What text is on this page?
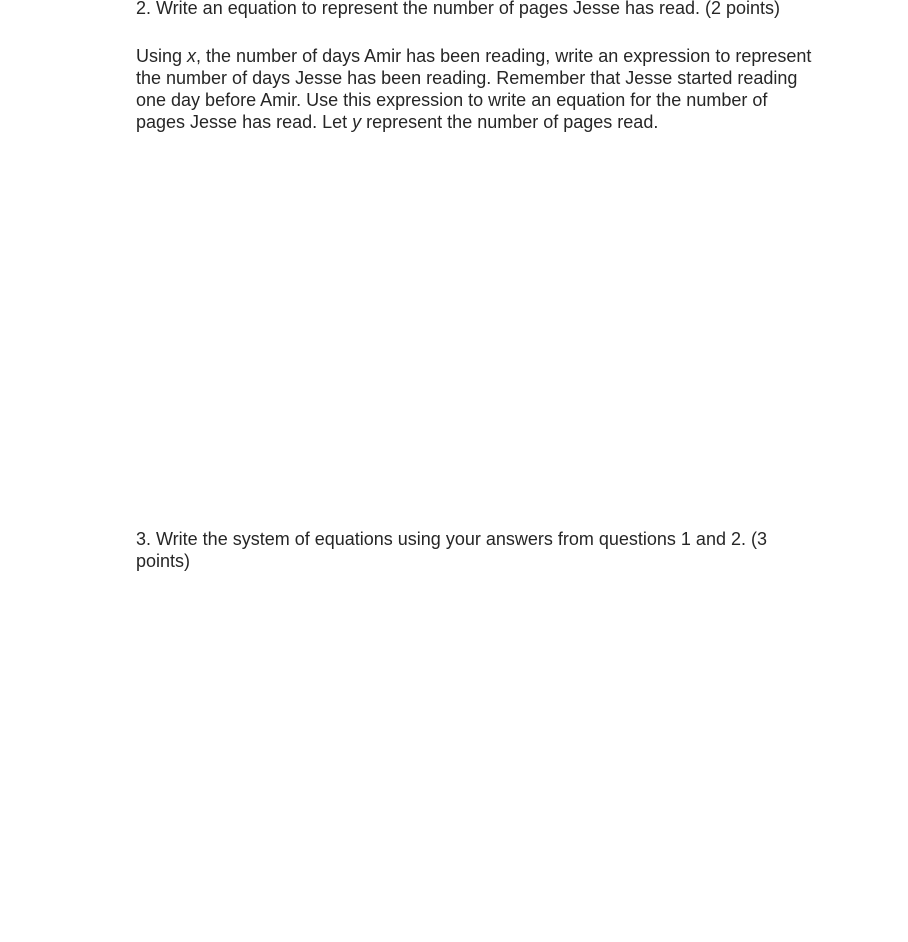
2. Write an equation to represent the number of pages Jesse has read. (2 points)

Using x, the number of days Amir has been reading, write an expression to represent the number of days Jesse has been reading. Remember that Jesse started reading one day before Amir. Use this expression to write an equation for the number of pages Jesse has read. Let y represent the number of pages read.

3. Write the system of equations using your answers from questions 1 and 2. (3 points)
